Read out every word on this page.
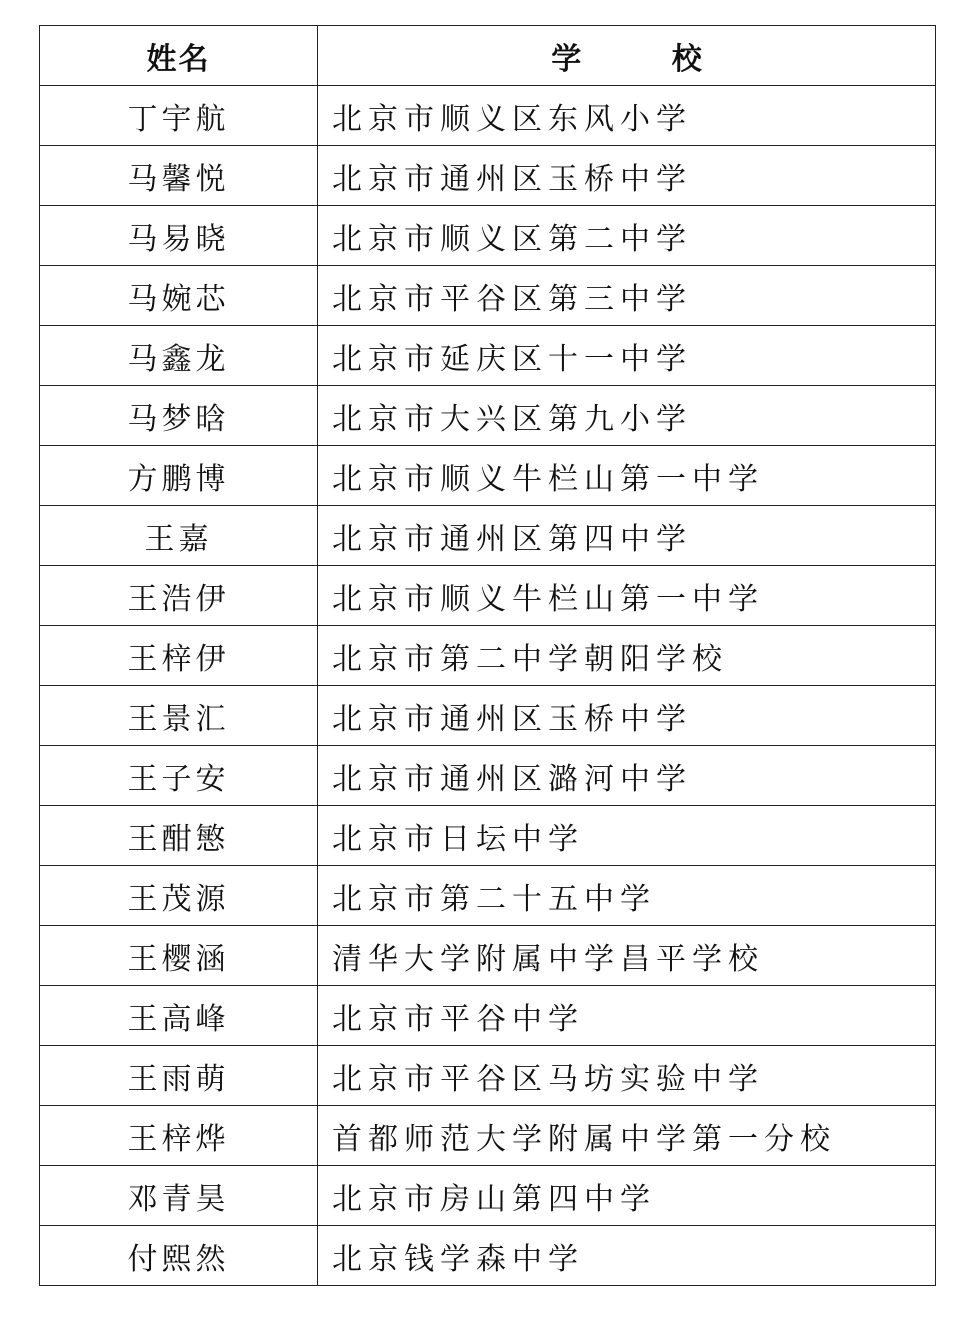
姓名	学 校
丁宇航	北京市顺义区东风小学
马馨悦	北京市通州区玉桥中学
马易晓	北京市顺义区第二中学
马婉芯	北京市平谷区第三中学
马鑫龙	北京市延庆区十一中学
马梦晗	北京市大兴区第九小学
方鹏博	北京市顺义牛栏山第一中学
王嘉	北京市通州区第四中学
王浩伊	北京市顺义牛栏山第一中学
王梓伊	北京市第二中学朝阳学校
王景汇	北京市通州区玉桥中学
王子安	北京市通州区潞河中学
王酣慜	北京市日坛中学
王茂源	北京市第二十五中学
王樱涵	清华大学附属中学昌平学校
王高峰	北京市平谷中学
王雨萌	北京市平谷区马坊实验中学
王梓烨	首都师范大学附属中学第一分校
邓青昊	北京市房山第四中学
付熙然	北京钱学森中学
